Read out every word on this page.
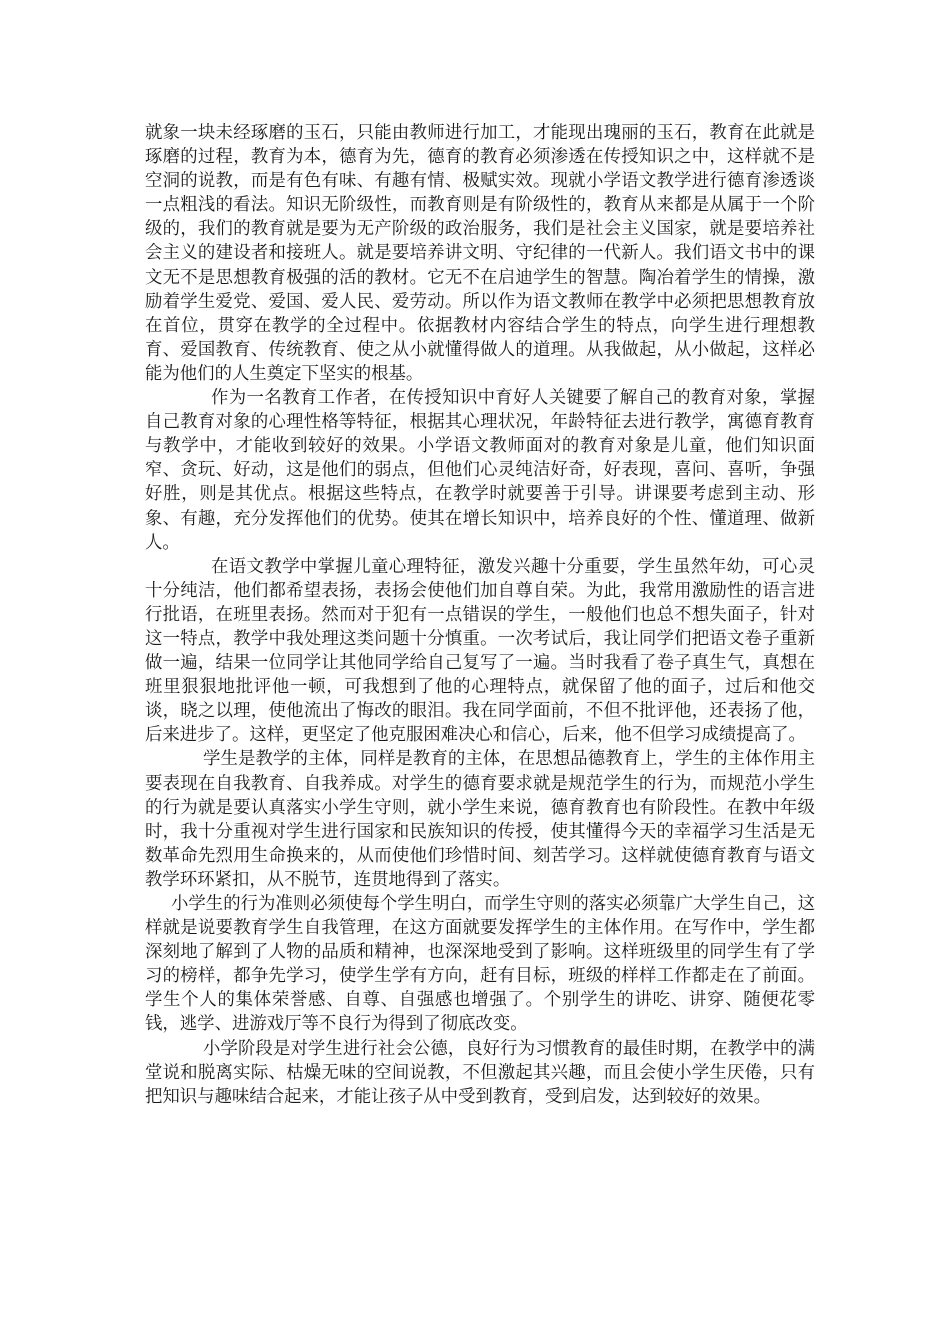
就象一块未经琢磨的玉石，只能由教师进行加工，才能现出瑰丽的玉石，教育在此就是琢磨的过程，教育为本，德育为先，德育的教育必须渗透在传授知识之中，这样就不是空洞的说教，而是有色有味、有趣有情、极赋实效。现就小学语文教学进行德育渗透谈一点粗浅的看法。知识无阶级性，而教育则是有阶级性的，教育从来都是从属于一个阶级的，我们的教育就是要为无产阶级的政治服务，我们是社会主义国家，就是要培养社会主义的建设者和接班人。就是要培养讲文明、守纪律的一代新人。我们语文书中的课文无不是思想教育极强的活的教材。它无不在启迪学生的智慧。陶冶着学生的情操，激励着学生爱党、爱国、爱人民、爱劳动。所以作为语文教师在教学中必须把思想教育放在首位，贯穿在教学的全过程中。依据教材内容结合学生的特点，向学生进行理想教育、爱国教育、传统教育、使之从小就懂得做人的道理。从我做起，从小做起，这样必能为他们的人生奠定下坚实的根基。

作为一名教育工作者，在传授知识中育好人关键要了解自己的教育对象，掌握自己教育对象的心理性格等特征，根据其心理状况，年龄特征去进行教学，寓德育教育与教学中，才能收到较好的效果。小学语文教师面对的教育对象是儿童，他们知识面窄、贪玩、好动，这是他们的弱点，但他们心灵纯洁好奇，好表现，喜问、喜听，争强好胜，则是其优点。根据这些特点，在教学时就要善于引导。讲课要考虑到主动、形象、有趣，充分发挥他们的优势。使其在增长知识中，培养良好的个性、懂道理、做新人。

在语文教学中掌握儿童心理特征，激发兴趣十分重要，学生虽然年幼，可心灵十分纯洁，他们都希望表扬，表扬会使他们加自尊自荣。为此，我常用激励性的语言进行批语，在班里表扬。然而对于犯有一点错误的学生，一般他们也总不想失面子，针对这一特点，教学中我处理这类问题十分慎重。一次考试后，我让同学们把语文卷子重新做一遍，结果一位同学让其他同学给自己复写了一遍。当时我看了卷子真生气，真想在班里狠狠地批评他一顿，可我想到了他的心理特点，就保留了他的面子，过后和他交谈，晓之以理，使他流出了悔改的眼泪。我在同学面前，不但不批评他，还表扬了他，后来进步了。这样，更坚定了他克服困难决心和信心，后来，他不但学习成绩提高了。

学生是教学的主体，同样是教育的主体，在思想品德教育上，学生的主体作用主要表现在自我教育、自我养成。对学生的德育要求就是规范学生的行为，而规范小学生的行为就是要认真落实小学生守则，就小学生来说，德育教育也有阶段性。在教中年级时，我十分重视对学生进行国家和民族知识的传授，使其懂得今天的幸福学习生活是无数革命先烈用生命换来的，从而使他们珍惜时间、刻苦学习。这样就使德育教育与语文教学环环紧扣，从不脱节，连贯地得到了落实。

小学生的行为准则必须使每个学生明白，而学生守则的落实必须靠广大学生自己，这样就是说要教育学生自我管理，在这方面就要发挥学生的主体作用。在写作中，学生都深刻地了解到了人物的品质和精神，也深深地受到了影响。这样班级里的同学生有了学习的榜样，都争先学习，使学生学有方向，赶有目标，班级的样样工作都走在了前面。学生个人的集体荣誉感、自尊、自强感也增强了。个别学生的讲吃、讲穿、随便花零钱，逃学、进游戏厅等不良行为得到了彻底改变。

小学阶段是对学生进行社会公德，良好行为习惯教育的最佳时期，在教学中的满堂说和脱离实际、枯燥无味的空间说教，不但激起其兴趣，而且会使小学生厌倦，只有把知识与趣味结合起来，才能让孩子从中受到教育，受到启发，达到较好的效果。
